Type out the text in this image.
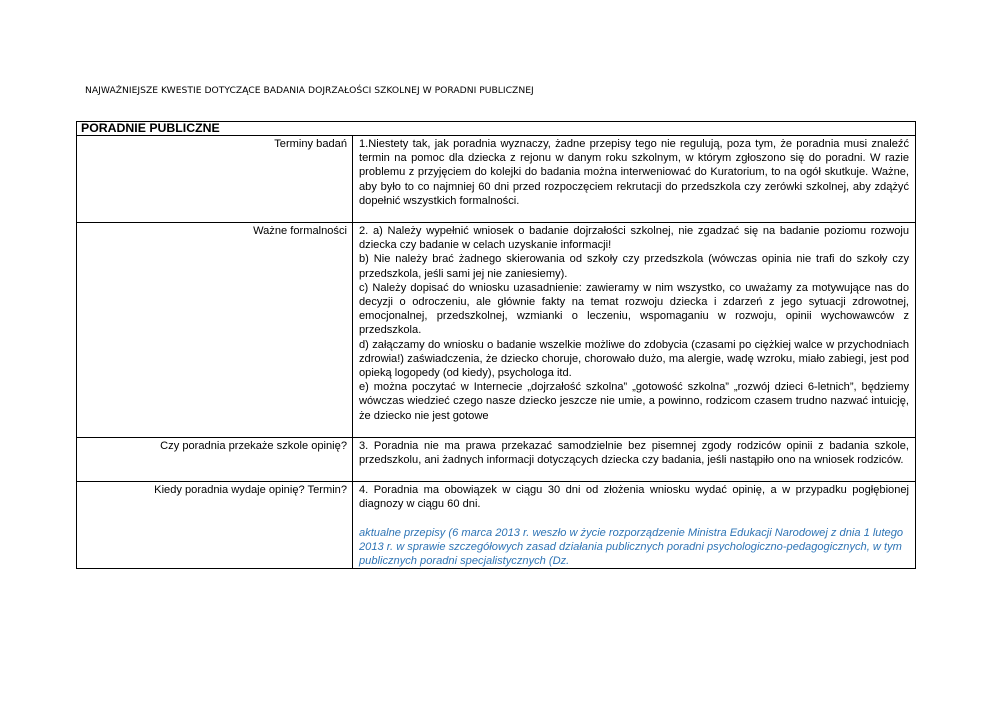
NAJWAŻNIEJSZE KWESTIE DOTYCZĄCE BADANIA DOJRZAŁOŚCI SZKOLNEJ W PORADNI PUBLICZNEJ
PORADNIE PUBLICZNE	

Terminy badań	1.Niestety tak, jak poradnia wyznaczy, żadne przepisy tego nie regulują, poza tym, że poradnia musi znaleźć termin na pomoc dla dziecka z rejonu w danym roku szkolnym, w którym zgłoszono się do poradni. W razie problemu z przyjęciem do kolejki do badania można interweniować do Kuratorium, to na ogół skutkuje. Ważne, aby było to co najmniej 60 dni przed rozpoczęciem rekrutacji do przedszkola czy zerówki szkolnej, aby zdążyć dopełnić wszystkich formalności.

Ważne formalności	2. a) Należy wypełnić wniosek o badanie dojrzałości szkolnej, nie zgadzać się na badanie poziomu rozwoju dziecka czy badanie w celach uzyskanie informacji!

b) Nie należy brać żadnego skierowania od szkoły czy przedszkola (wówczas opinia nie trafi do szkoły czy przedszkola, jeśli sami jej nie zaniesiemy).

c) Należy dopisać do wniosku uzasadnienie: zawieramy w nim wszystko, co uważamy za motywujące nas do decyzji o odroczeniu, ale głównie fakty na temat rozwoju dziecka i zdarzeń z jego sytuacji zdrowotnej, emocjonalnej, przedszkolnej, wzmianki o leczeniu, wspomaganiu w rozwoju, opinii wychowawców z przedszkola.

d) załączamy do wniosku o badanie wszelkie możliwe do zdobycia (czasami po ciężkiej walce w przychodniach zdrowia!) zaświadczenia, że dziecko choruje, chorowało dużo, ma alergie, wadę wzroku, miało zabiegi, jest pod opieką logopedy (od kiedy), psychologa itd.

e) można poczytać w Internecie „dojrzałość szkolna” „gotowość szkolna” „rozwój dzieci 6-letnich”, będziemy wówczas wiedzieć czego nasze dziecko jeszcze nie umie, a powinno, rodzicom czasem trudno nazwać intuicję, że dziecko nie jest gotowe

Czy poradnia przekaże szkole opinię?	3. Poradnia nie ma prawa przekazać samodzielnie bez pisemnej zgody rodziców opinii z badania szkole, przedszkolu, ani żadnych informacji dotyczących dziecka czy badania, jeśli nastąpiło ono na wniosek rodziców.

Kiedy poradnia wydaje opinię? Termin?	4. Poradnia ma obowiązek w ciągu 30 dni od złożenia wniosku wydać opinię, a w przypadku pogłębionej diagnozy w ciągu 60 dni.

aktualne przepisy (6 marca 2013 r. weszło w życie rozporządzenie Ministra Edukacji Narodowej z dnia 1 lutego 2013 r. w sprawie szczegółowych zasad działania publicznych poradni psychologiczno-pedagogicznych, w tym publicznych poradni specjalistycznych (Dz.
